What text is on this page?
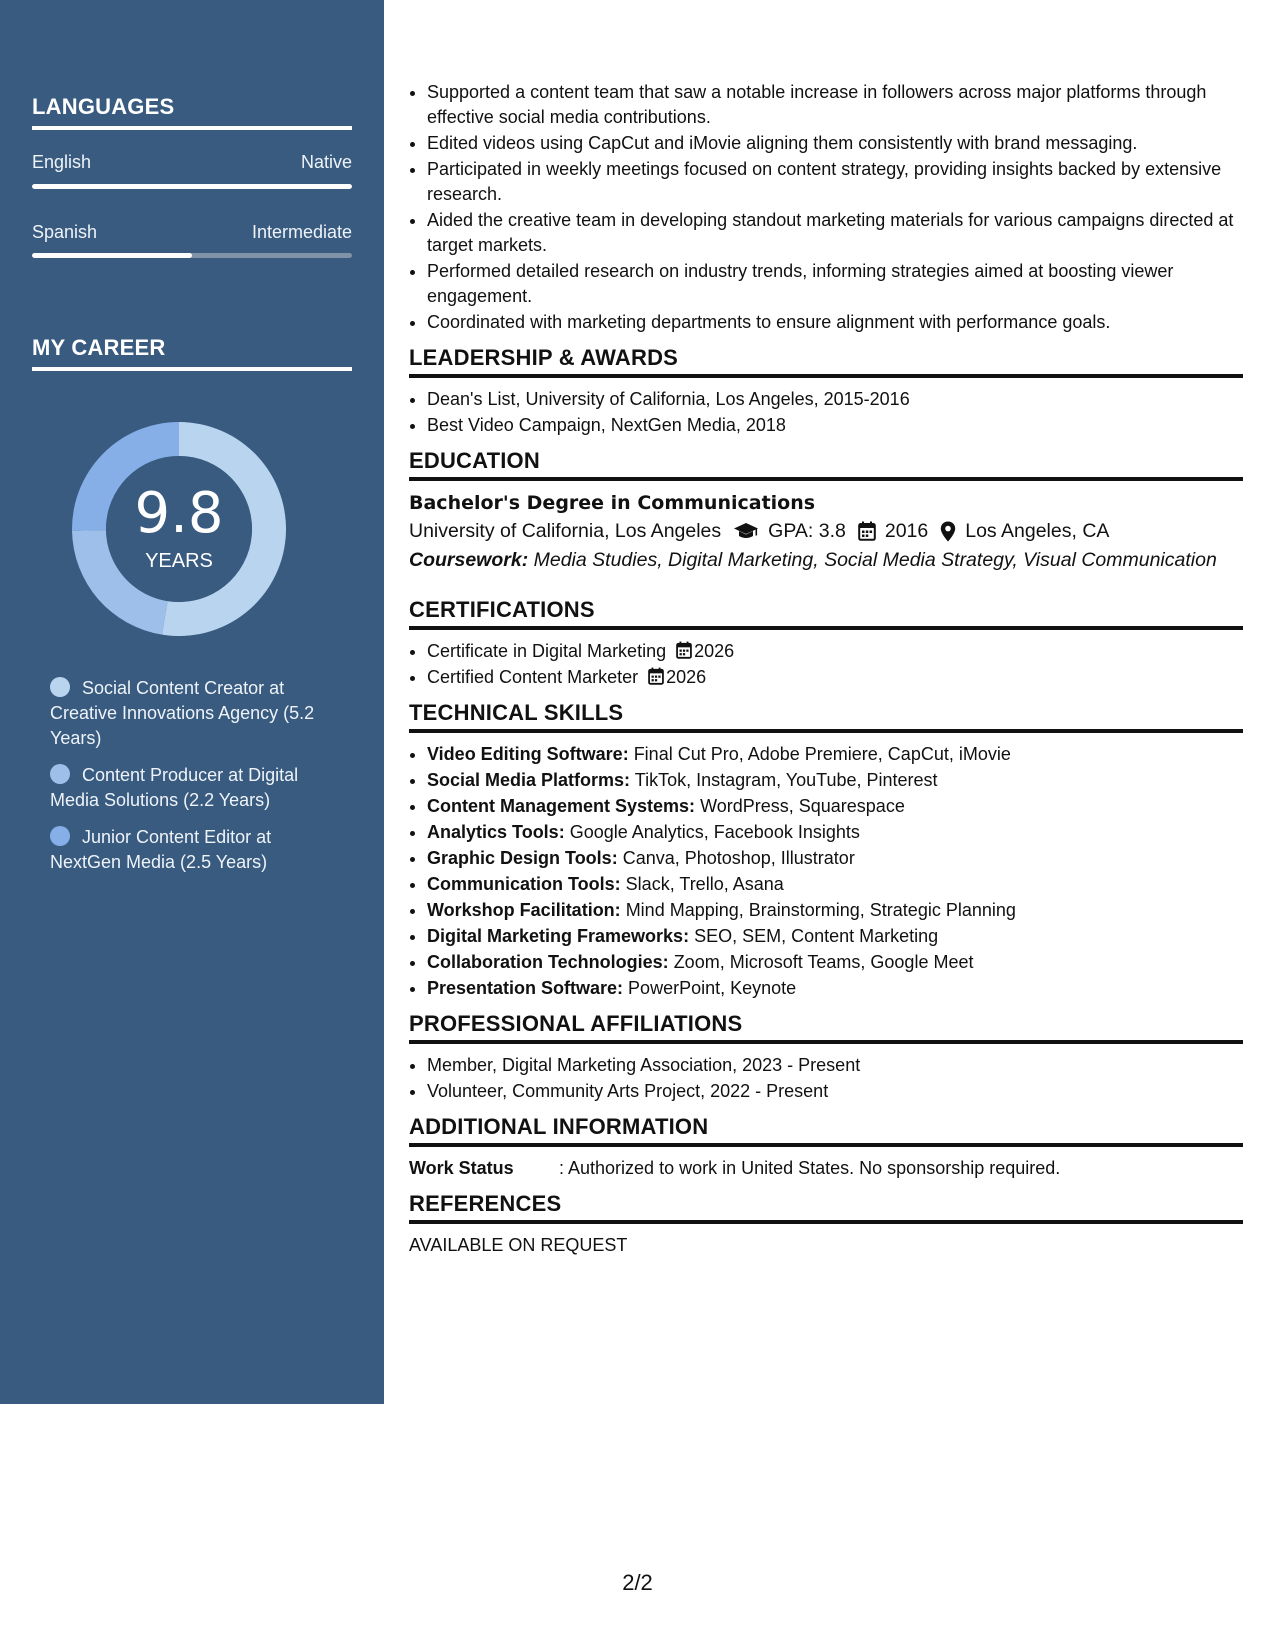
LANGUAGES
English	Native
Spanish	Intermediate
MY CAREER
9.8
YEARS
Social Content Creator at Creative Innovations Agency (5.2 Years)
Content Producer at Digital Media Solutions (2.2 Years)
Junior Content Editor at NextGen Media (2.5 Years)
• Supported a content team that saw a notable increase in followers across major platforms through effective social media contributions.
• Edited videos using CapCut and iMovie aligning them consistently with brand messaging.
• Participated in weekly meetings focused on content strategy, providing insights backed by extensive research.
• Aided the creative team in developing standout marketing materials for various campaigns directed at target markets.
• Performed detailed research on industry trends, informing strategies aimed at boosting viewer engagement.
• Coordinated with marketing departments to ensure alignment with performance goals.
LEADERSHIP & AWARDS
• Dean's List, University of California, Los Angeles, 2015-2016
• Best Video Campaign, NextGen Media, 2018
EDUCATION
Bachelor's Degree in Communications
University of California, Los Angeles GPA: 3.8 2016 Los Angeles, CA
Coursework: Media Studies, Digital Marketing, Social Media Strategy, Visual Communication
CERTIFICATIONS
• Certificate in Digital Marketing 2026
• Certified Content Marketer 2026
TECHNICAL SKILLS
• Video Editing Software: Final Cut Pro, Adobe Premiere, CapCut, iMovie
• Social Media Platforms: TikTok, Instagram, YouTube, Pinterest
• Content Management Systems: WordPress, Squarespace
• Analytics Tools: Google Analytics, Facebook Insights
• Graphic Design Tools: Canva, Photoshop, Illustrator
• Communication Tools: Slack, Trello, Asana
• Workshop Facilitation: Mind Mapping, Brainstorming, Strategic Planning
• Digital Marketing Frameworks: SEO, SEM, Content Marketing
• Collaboration Technologies: Zoom, Microsoft Teams, Google Meet
• Presentation Software: PowerPoint, Keynote
PROFESSIONAL AFFILIATIONS
• Member, Digital Marketing Association, 2023 - Present
• Volunteer, Community Arts Project, 2022 - Present
ADDITIONAL INFORMATION
Work Status	: Authorized to work in United States. No sponsorship required.
REFERENCES
AVAILABLE ON REQUEST
2/2
